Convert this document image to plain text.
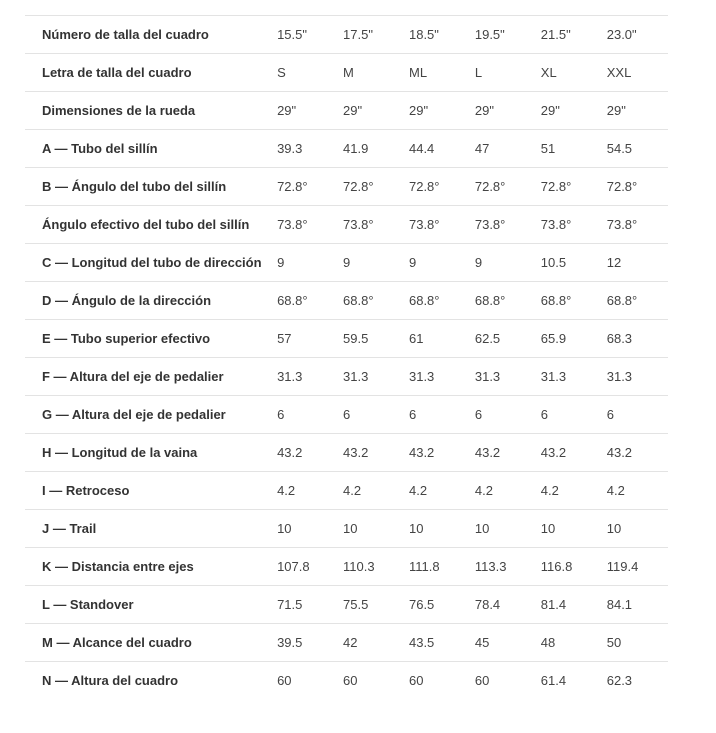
Número de talla del cuadro	15.5"	17.5"	18.5"	19.5"	21.5"	23.0"
Letra de talla del cuadro	S	M	ML	L	XL	XXL
Dimensiones de la rueda	29"	29"	29"	29"	29"	29"
A — Tubo del sillín	39.3	41.9	44.4	47	51	54.5
B — Ángulo del tubo del sillín	72.8°	72.8°	72.8°	72.8°	72.8°	72.8°
Ángulo efectivo del tubo del sillín	73.8°	73.8°	73.8°	73.8°	73.8°	73.8°
C — Longitud del tubo de dirección	9	9	9	9	10.5	12
D — Ángulo de la dirección	68.8°	68.8°	68.8°	68.8°	68.8°	68.8°
E — Tubo superior efectivo	57	59.5	61	62.5	65.9	68.3
F — Altura del eje de pedalier	31.3	31.3	31.3	31.3	31.3	31.3
G — Altura del eje de pedalier	6	6	6	6	6	6
H — Longitud de la vaina	43.2	43.2	43.2	43.2	43.2	43.2
I — Retroceso	4.2	4.2	4.2	4.2	4.2	4.2
J — Trail	10	10	10	10	10	10
K — Distancia entre ejes	107.8	110.3	111.8	113.3	116.8	119.4
L — Standover	71.5	75.5	76.5	78.4	81.4	84.1
M — Alcance del cuadro	39.5	42	43.5	45	48	50
N — Altura del cuadro	60	60	60	60	61.4	62.3
